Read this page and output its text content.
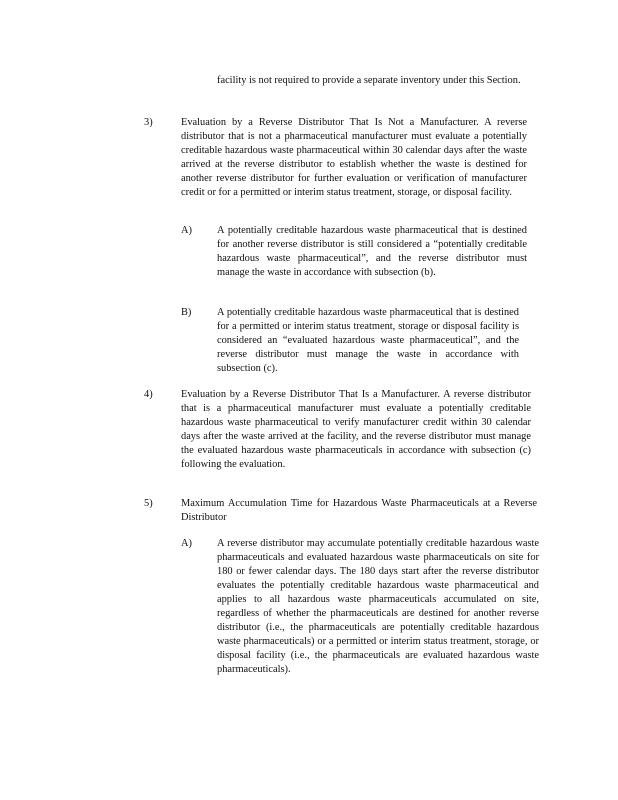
facility is not required to provide a separate inventory under this Section.

3)	Evaluation by a Reverse Distributor That Is Not a Manufacturer. A reverse distributor that is not a pharmaceutical manufacturer must evaluate a potentially creditable hazardous waste pharmaceutical within 30 calendar days after the waste arrived at the reverse distributor to establish whether the waste is destined for another reverse distributor for further evaluation or verification of manufacturer credit or for a permitted or interim status treatment, storage, or disposal facility.

A) A potentially creditable hazardous waste pharmaceutical that is destined for another reverse distributor is still considered a “potentially creditable hazardous waste pharmaceutical”, and the reverse distributor must manage the waste in accordance with subsection (b).

B) A potentially creditable hazardous waste pharmaceutical that is destined for a permitted or interim status treatment, storage or disposal facility is considered an “evaluated hazardous waste pharmaceutical”, and the reverse distributor must manage the waste in accordance with subsection (c).

4)	Evaluation by a Reverse Distributor That Is a Manufacturer. A reverse distributor that is a pharmaceutical manufacturer must evaluate a potentially creditable hazardous waste pharmaceutical to verify manufacturer credit within 30 calendar days after the waste arrived at the facility, and the reverse distributor must manage the evaluated hazardous waste pharmaceuticals in accordance with subsection (c) following the evaluation.

5)	Maximum Accumulation Time for Hazardous Waste Pharmaceuticals at a Reverse Distributor

A) A reverse distributor may accumulate potentially creditable hazardous waste pharmaceuticals and evaluated hazardous waste pharmaceuticals on site for 180 or fewer calendar days. The 180 days start after the reverse distributor evaluates the potentially creditable hazardous waste pharmaceutical and applies to all hazardous waste pharmaceuticals accumulated on site, regardless of whether the pharmaceuticals are destined for another reverse distributor (i.e., the pharmaceuticals are potentially creditable hazardous waste pharmaceuticals) or a permitted or interim status treatment, storage, or disposal facility (i.e., the pharmaceuticals are evaluated hazardous waste pharmaceuticals).
